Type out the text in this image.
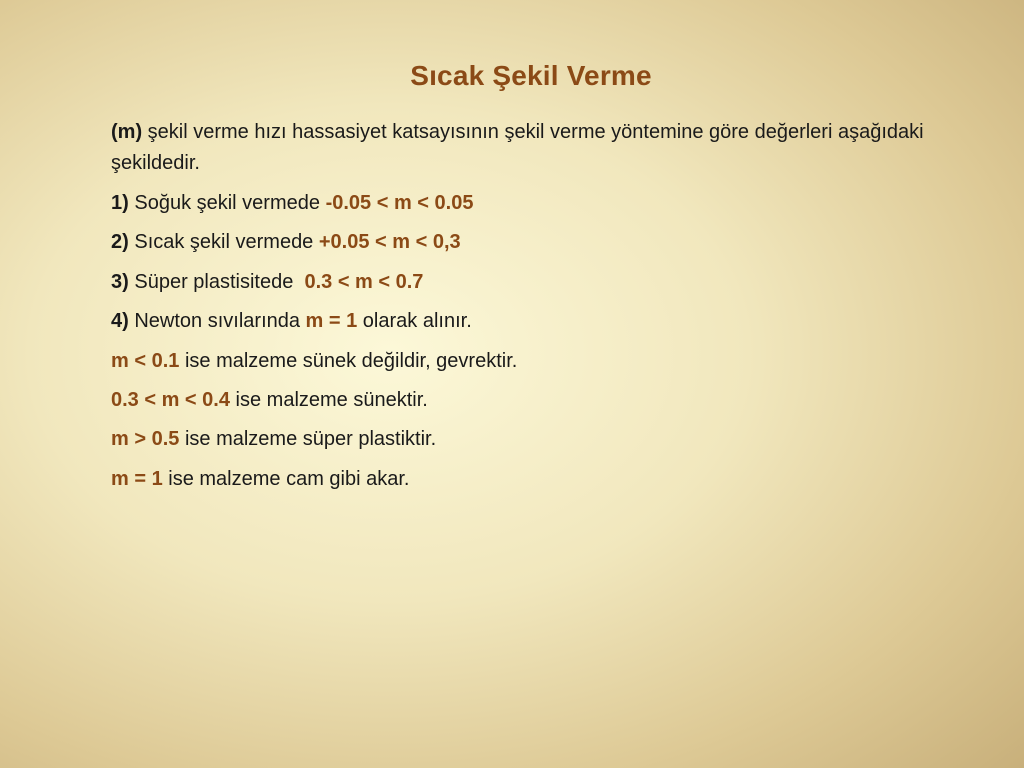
Sıcak Şekil Verme

(m) şekil verme hızı hassasiyet katsayısının şekil verme yöntemine göre değerleri aşağıdaki şekildedir.

1) Soğuk şekil vermede -0.05 < m < 0.05
2) Sıcak şekil vermede +0.05 < m < 0,3
3) Süper plastisitede  0.3 < m < 0.7
4) Newton sıvılarında m = 1 olarak alınır.
m < 0.1 ise malzeme sünek değildir, gevrektir.
0.3 < m < 0.4 ise malzeme sünektir.
m > 0.5 ise malzeme süper plastiktir.
m = 1 ise malzeme cam gibi akar.
